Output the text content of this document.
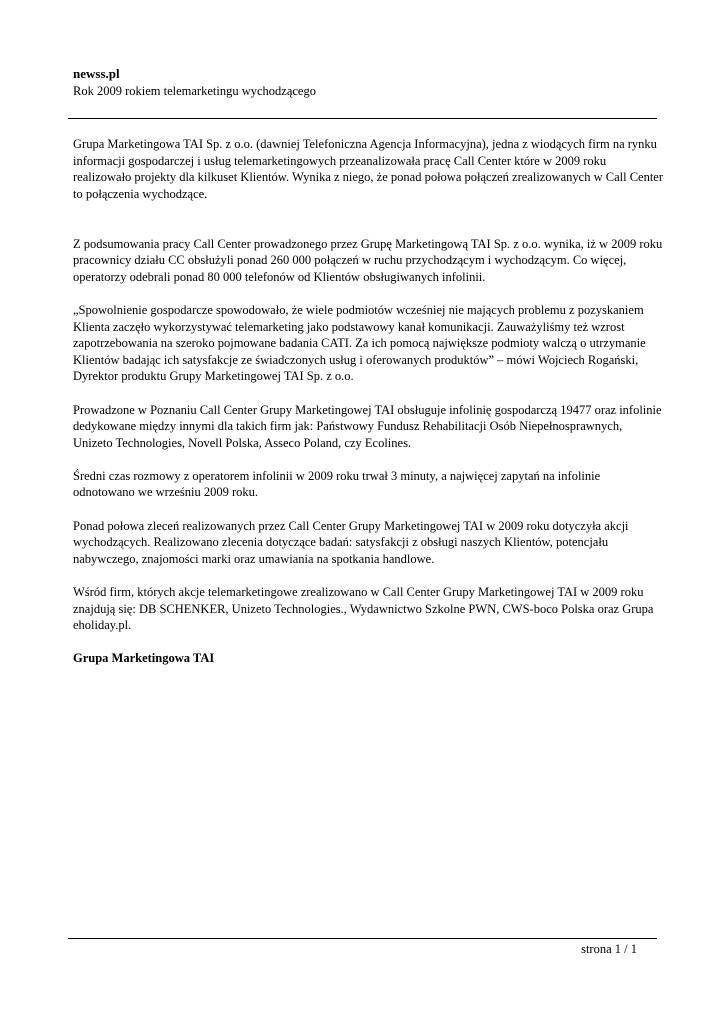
newss.pl
Rok 2009 rokiem telemarketingu wychodzącego

Grupa Marketingowa TAI Sp. z o.o. (dawniej Telefoniczna Agencja Informacyjna), jedna z wiodących firm na rynku informacji gospodarczej i usług telemarketingowych przeanalizowała pracę Call Center które w 2009 roku realizowało projekty dla kilkuset Klientów. Wynika z niego, że ponad połowa połączeń zrealizowanych w Call Center to połączenia wychodzące.

Z podsumowania pracy Call Center prowadzonego przez Grupę Marketingową TAI Sp. z o.o. wynika, iż w 2009 roku pracownicy działu CC obsłużyli ponad 260 000 połączeń w ruchu przychodzącym i wychodzącym. Co więcej, operatorzy odebrali ponad 80 000 telefonów od Klientów obsługiwanych infolinii.

„Spowolnienie gospodarcze spowodowało, że wiele podmiotów wcześniej nie mających problemu z pozyskaniem Klienta zaczęło wykorzystywać telemarketing jako podstawowy kanał komunikacji. Zauważyliśmy też wzrost zapotrzebowania na szeroko pojmowane badania CATI. Za ich pomocą największe podmioty walczą o utrzymanie Klientów badając ich satysfakcje ze świadczonych usług i oferowanych produktów” – mówi Wojciech Rogański, Dyrektor produktu Grupy Marketingowej TAI Sp. z o.o.

Prowadzone w Poznaniu Call Center Grupy Marketingowej TAI obsługuje infolinię gospodarczą 19477 oraz infolinie dedykowane między innymi dla takich firm jak: Państwowy Fundusz Rehabilitacji Osób Niepełnosprawnych, Unizeto Technologies, Novell Polska, Asseco Poland, czy Ecolines.

Średni czas rozmowy z operatorem infolinii w 2009 roku trwał 3 minuty, a najwięcej zapytań na infolinie odnotowano we wrześniu 2009 roku.

Ponad połowa zleceń realizowanych przez Call Center Grupy Marketingowej TAI w 2009 roku dotyczyła akcji wychodzących. Realizowano zlecenia dotyczące badań: satysfakcji z obsługi naszych Klientów, potencjału nabywczego, znajomości marki oraz umawiania na spotkania handlowe.

Wśród firm, których akcje telemarketingowe zrealizowano w Call Center Grupy Marketingowej TAI w 2009 roku znajdują się: DB SCHENKER, Unizeto Technologies., Wydawnictwo Szkolne PWN, CWS-boco Polska oraz Grupa eholiday.pl.

Grupa Marketingowa TAI

strona 1 / 1
